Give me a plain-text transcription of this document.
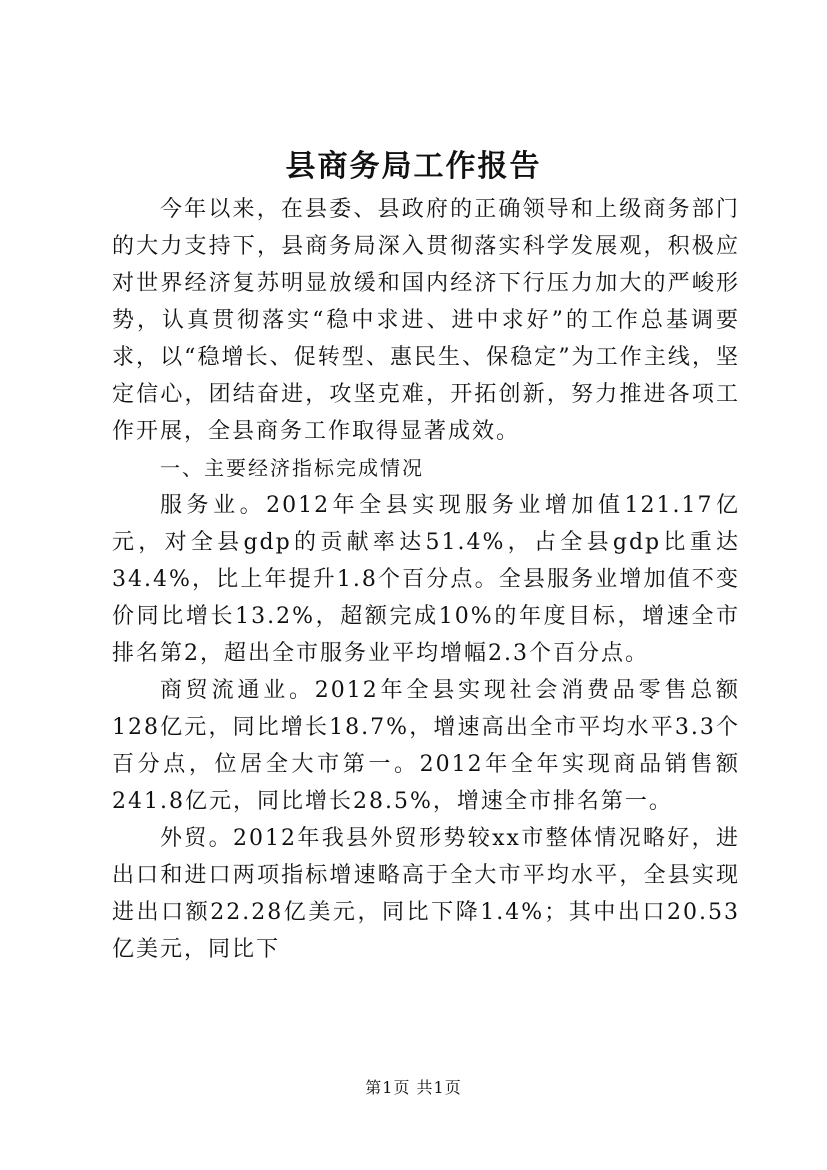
县商务局工作报告

今年以来，在县委、县政府的正确领导和上级商务部门的大力支持下，县商务局深入贯彻落实科学发展观，积极应对世界经济复苏明显放缓和国内经济下行压力加大的严峻形势，认真贯彻落实“稳中求进、进中求好”的工作总基调要求，以“稳增长、促转型、惠民生、保稳定”为工作主线，坚定信心，团结奋进，攻坚克难，开拓创新，努力推进各项工作开展，全县商务工作取得显著成效。

一、主要经济指标完成情况

服务业。2012年全县实现服务业增加值121.17亿元，对全县gdp的贡献率达51.4%，占全县gdp比重达34.4%，比上年提升1.8个百分点。全县服务业增加值不变价同比增长13.2%，超额完成10%的年度目标，增速全市排名第2，超出全市服务业平均增幅2.3个百分点。

商贸流通业。2012年全县实现社会消费品零售总额128亿元，同比增长18.7%，增速高出全市平均水平3.3个百分点，位居全大市第一。2012年全年实现商品销售额241.8亿元，同比增长28.5%，增速全市排名第一。

外贸。2012年我县外贸形势较xx市整体情况略好，进出口和进口两项指标增速略高于全大市平均水平，全县实现进出口额22.28亿美元，同比下降1.4%；其中出口20.53亿美元，同比下

第1页 共1页
